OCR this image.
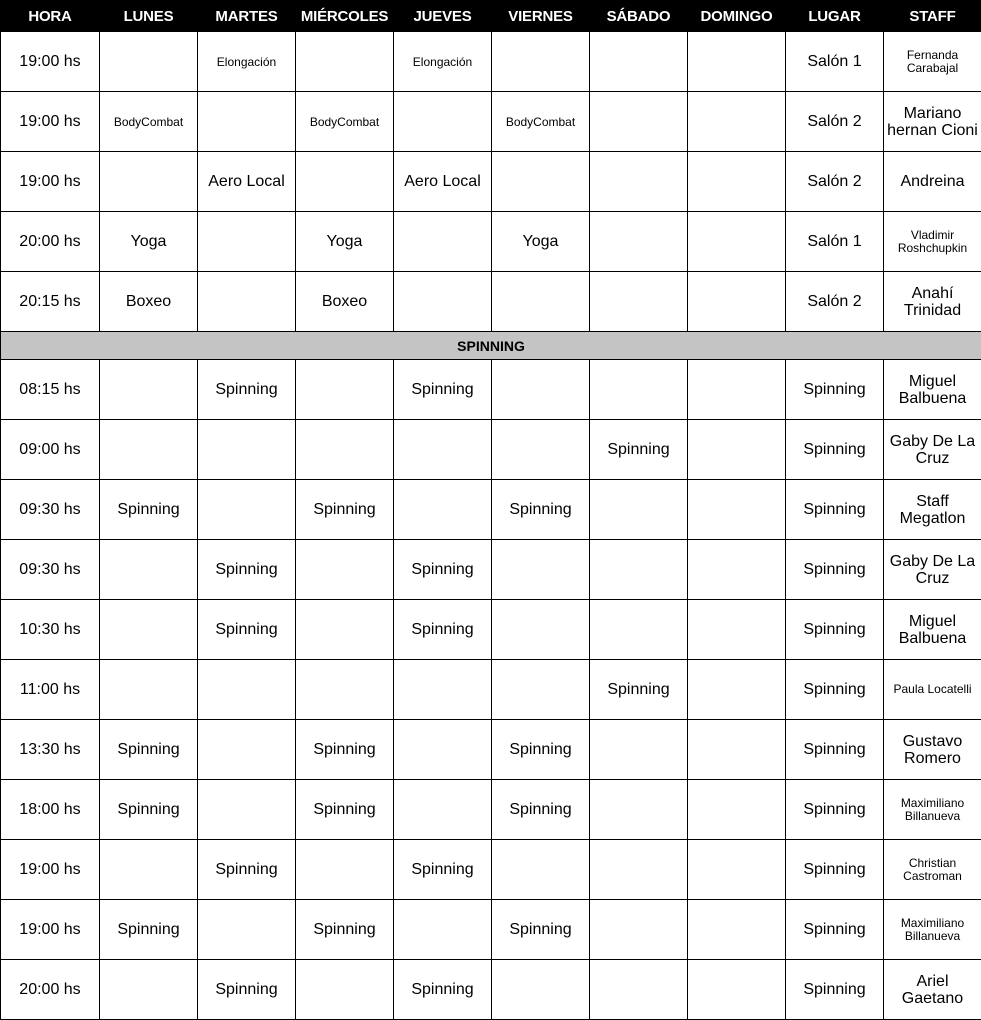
HORA	LUNES	MARTES	MIÉRCOLES	JUEVES	VIERNES	SÁBADO	DOMINGO	LUGAR	STAFF
19:00 hs		Elongación		Elongación				Salón 1	Fernanda Carabajal
19:00 hs	BodyCombat		BodyCombat		BodyCombat			Salón 2	Mariano hernan Cioni
19:00 hs		Aero Local		Aero Local				Salón 2	Andreina
20:00 hs	Yoga		Yoga		Yoga			Salón 1	Vladimir Roshchupkin
20:15 hs	Boxeo		Boxeo					Salón 2	Anahí Trinidad
SPINNING									
08:15 hs		Spinning		Spinning				Spinning	Miguel Balbuena
09:00 hs						Spinning		Spinning	Gaby De La Cruz
09:30 hs	Spinning		Spinning		Spinning			Spinning	Staff Megatlon
09:30 hs		Spinning		Spinning				Spinning	Gaby De La Cruz
10:30 hs		Spinning		Spinning				Spinning	Miguel Balbuena
11:00 hs						Spinning		Spinning	Paula Locatelli
13:30 hs	Spinning		Spinning		Spinning			Spinning	Gustavo Romero
18:00 hs	Spinning		Spinning		Spinning			Spinning	Maximiliano Billanueva
19:00 hs		Spinning		Spinning				Spinning	Christian Castroman
19:00 hs	Spinning		Spinning		Spinning			Spinning	Maximiliano Billanueva
20:00 hs		Spinning		Spinning				Spinning	Ariel Gaetano
